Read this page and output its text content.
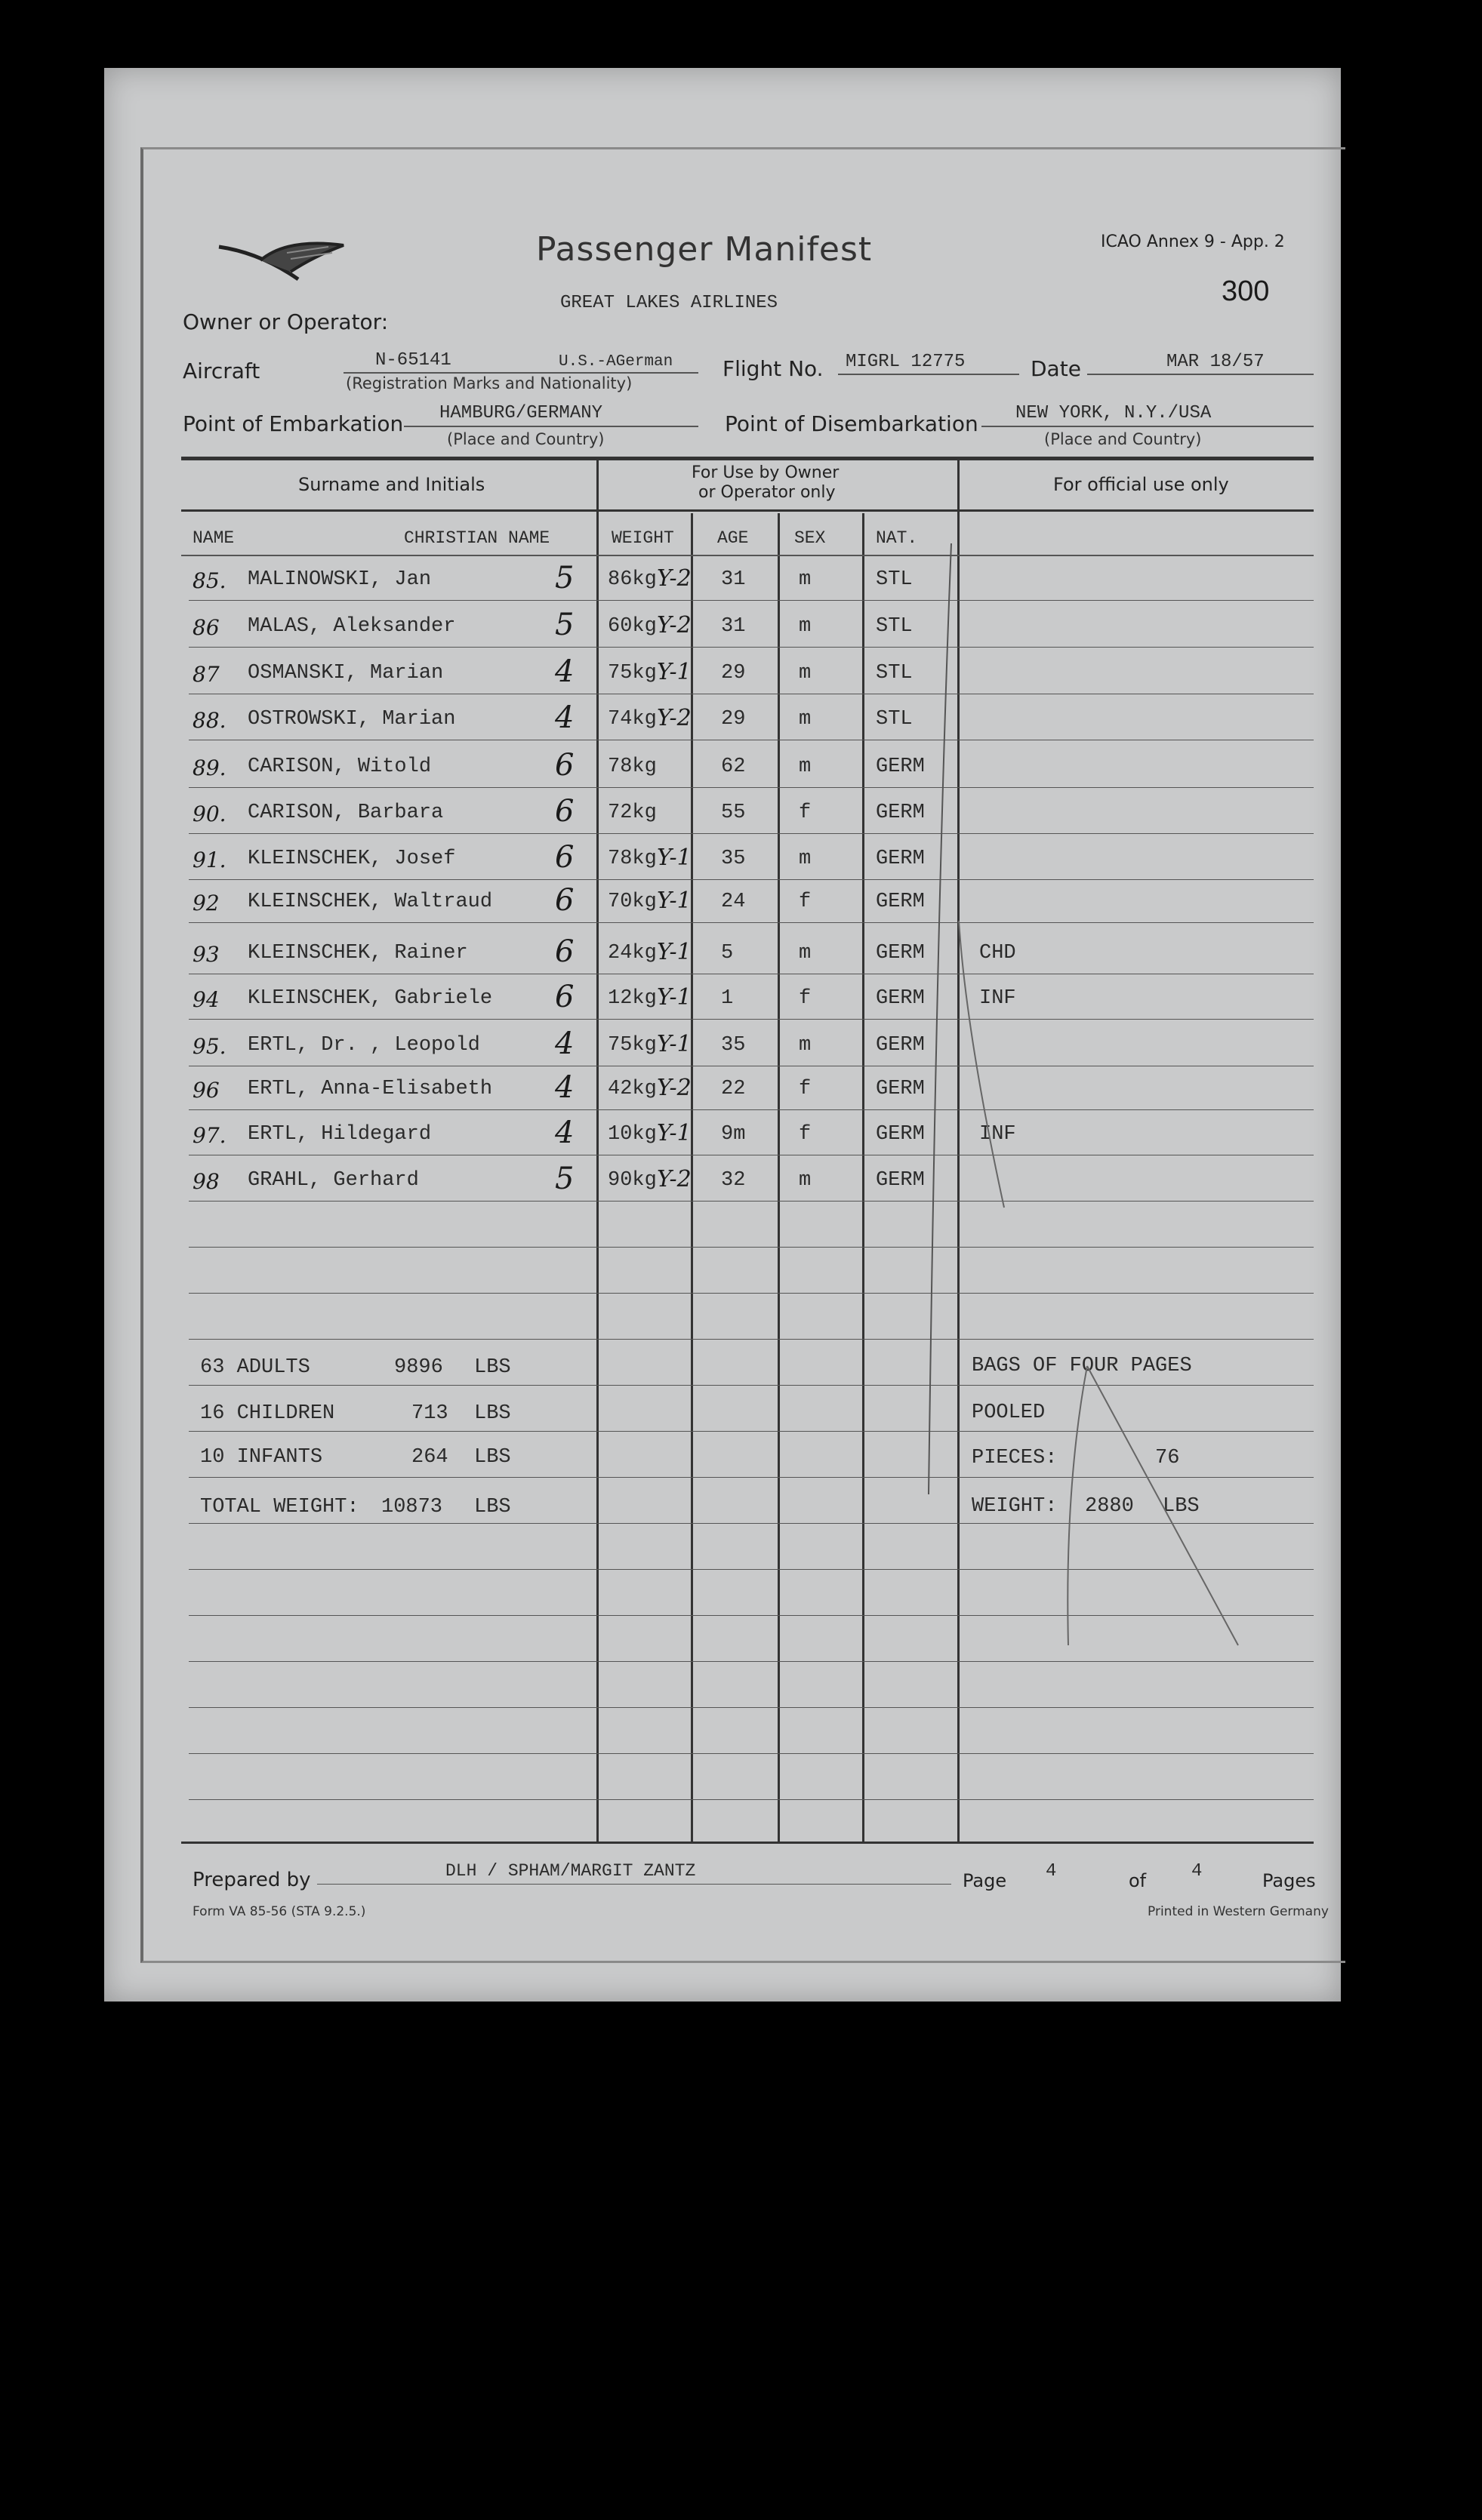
Passenger Manifest	ICAO Annex 9 - App. 2
300
Owner or Operator:
GREAT LAKES AIRLINES
Aircraft	N-65141	U.S.-AGerman
(Registration Marks and Nationality)
Flight No. MIGRL 12775	Date	MAR 18/57
Point of Embarkation HAMBURG/GERMANY
(Place and Country)
Point of Disembarkation NEW YORK, N.Y./USA
(Place and Country)
Surname and Initials
For Use by Owner
or Operator only	For official use only
NAME	CHRISTIAN NAME	WEIGHT AGE	SEX	NAT.
85. MALINOWSKI, Jan	5 86kg Y-2 31	m	STL
86 MALAS, Aleksander	5 60kg Y-2 31	m	STL
87 OSMANSKI, Marian	4 75kg Y-1 29	m	STL
88. OSTROWSKI, Marian	4 74kg Y-2 29	m	STL
89. CARISON, Witold	6 78kg	62	m	GERM
90. CARISON, Barbara	6 72kg	55	f	GERM
91. KLEINSCHEK, Josef	6 78kg Y-1 35	m	GERM
92 KLEINSCHEK, Waltraud 6 70kg Y-1 24	f	GERM
93 KLEINSCHEK, Rainer	6 24kg Y-1 5	m	GERM	CHD
94 KLEINSCHEK, Gabriele 6 12kg Y-1 1	f	GERM	INF
95. ERTL, Dr. , Leopold 4 75kg Y-1 35	m	GERM
96 ERTL, Anna-Elisabeth 4 42kg Y-2 22	f	GERM
97. ERTL, Hildegard	4 10kg Y-1 9m	f	GERM	INF
98 GRAHL, Gerhard	5 90kg Y-2 32	m	GERM
63 ADULTS	9896 LBS
16 CHILDREN	713 LBS
10 INFANTS	264 LBS
TOTAL WEIGHT: 10873 LBS
BAGS OF FOUR PAGES
POOLED
PIECES:	76
WEIGHT: 2880 LBS
Prepared by	DLH / SPHAM/MARGIT ZANTZ	Page 4	of 4	Pages
Form VA 85-56 (STA 9.2.5.)	Printed in Western Germany
